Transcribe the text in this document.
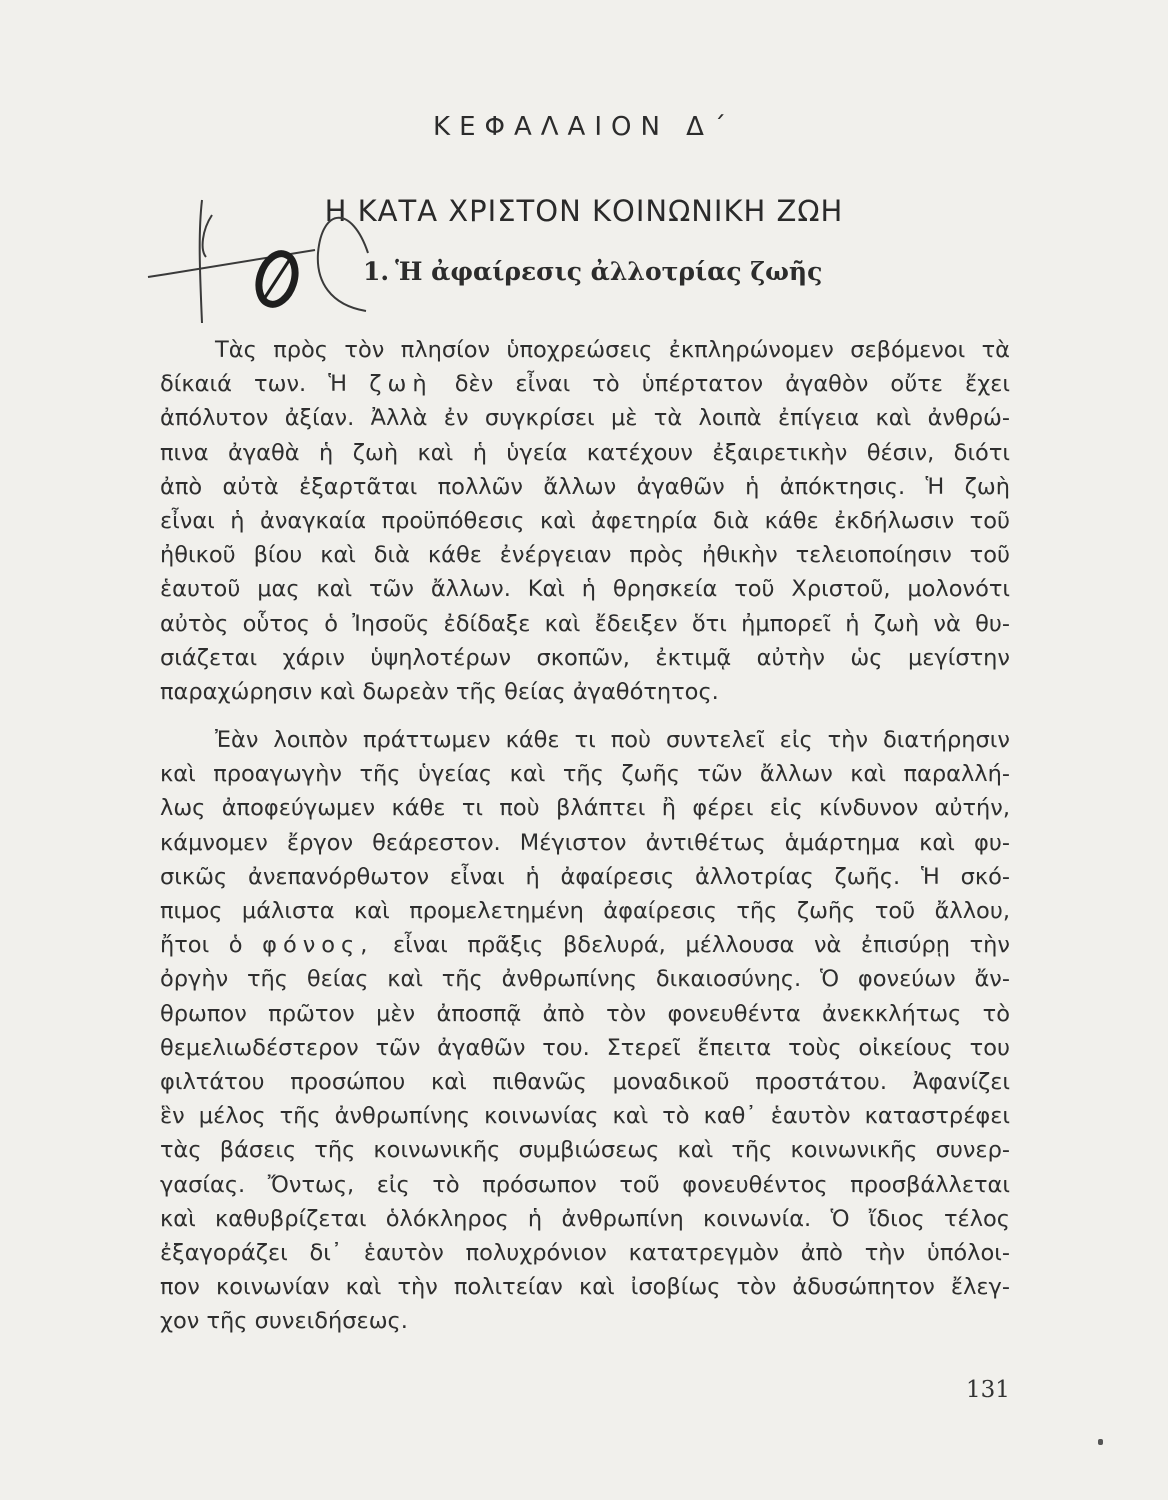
ΚΕΦΑΛΑΙΟΝ Δ΄
Η ΚΑΤΑ ΧΡΙΣΤΟΝ ΚΟΙΝΩΝΙΚΗ ΖΩΗ
1. Ἡ ἀφαίρεσις ἀλλοτρίας ζωῆς
Τὰς πρὸς τὸν πλησίον ὑποχρεώσεις ἐκπληρώνομεν σεβόμενοι τὰ
δίκαιά των. Ἡ ζωὴ δὲν εἶναι τὸ ὑπέρτατον ἀγαθὸν οὔτε ἔχει
ἀπόλυτον ἀξίαν. Ἀλλὰ ἐν συγκρίσει μὲ τὰ λοιπὰ ἐπίγεια καὶ ἀνθρώ-
πινα ἀγαθὰ ἡ ζωὴ καὶ ἡ ὑγεία κατέχουν ἐξαιρετικὴν θέσιν, διότι
ἀπὸ αὐτὰ ἐξαρτᾶται πολλῶν ἄλλων ἀγαθῶν ἡ ἀπόκτησις. Ἡ ζωὴ
εἶναι ἡ ἀναγκαία προϋπόθεσις καὶ ἀφετηρία διὰ κάθε ἐκδήλωσιν τοῦ
ἠθικοῦ βίου καὶ διὰ κάθε ἐνέργειαν πρὸς ἠθικὴν τελειοποίησιν τοῦ
ἑαυτοῦ μας καὶ τῶν ἄλλων. Καὶ ἡ θρησκεία τοῦ Χριστοῦ, μολονότι
αὐτὸς οὗτος ὁ Ἰησοῦς ἐδίδαξε καὶ ἔδειξεν ὅτι ἠμπορεῖ ἡ ζωὴ νὰ θυ-
σιάζεται χάριν ὑψηλοτέρων σκοπῶν, ἐκτιμᾷ αὐτὴν ὡς μεγίστην
παραχώρησιν καὶ δωρεὰν τῆς θείας ἀγαθότητος.
Ἐὰν λοιπὸν πράττωμεν κάθε τι ποὺ συντελεῖ εἰς τὴν διατήρησιν
καὶ προαγωγὴν τῆς ὑγείας καὶ τῆς ζωῆς τῶν ἄλλων καὶ παραλλή-
λως ἀποφεύγωμεν κάθε τι ποὺ βλάπτει ἢ φέρει εἰς κίνδυνον αὐτήν,
κάμνομεν ἔργον θεάρεστον. Μέγιστον ἀντιθέτως ἁμάρτημα καὶ φυ-
σικῶς ἀνεπανόρθωτον εἶναι ἡ ἀφαίρεσις ἀλλοτρίας ζωῆς. Ἡ σκό-
πιμος μάλιστα καὶ προμελετημένη ἀφαίρεσις τῆς ζωῆς τοῦ ἄλλου,
ἤτοι ὁ φόνος, εἶναι πρᾶξις βδελυρά, μέλλουσα νὰ ἐπισύρῃ τὴν
ὀργὴν τῆς θείας καὶ τῆς ἀνθρωπίνης δικαιοσύνης. Ὁ φονεύων ἄν-
θρωπον πρῶτον μὲν ἀποσπᾷ ἀπὸ τὸν φονευθέντα ἀνεκκλήτως τὸ
θεμελιωδέστερον τῶν ἀγαθῶν του. Στερεῖ ἔπειτα τοὺς οἰκείους του
φιλτάτου προσώπου καὶ πιθανῶς μοναδικοῦ προστάτου. Ἀφανίζει
ἓν μέλος τῆς ἀνθρωπίνης κοινωνίας καὶ τὸ καθ᾽ ἑαυτὸν καταστρέφει
τὰς βάσεις τῆς κοινωνικῆς συμβιώσεως καὶ τῆς κοινωνικῆς συνερ-
γασίας. Ὄντως, εἰς τὸ πρόσωπον τοῦ φονευθέντος προσβάλλεται
καὶ καθυβρίζεται ὁλόκληρος ἡ ἀνθρωπίνη κοινωνία. Ὁ ἴδιος τέλος
ἐξαγοράζει δι᾽ ἑαυτὸν πολυχρόνιον κατατρεγμὸν ἀπὸ τὴν ὑπόλοι-
πον κοινωνίαν καὶ τὴν πολιτείαν καὶ ἰσοβίως τὸν ἀδυσώπητον ἔλεγ-
χον τῆς συνειδήσεως.
131
